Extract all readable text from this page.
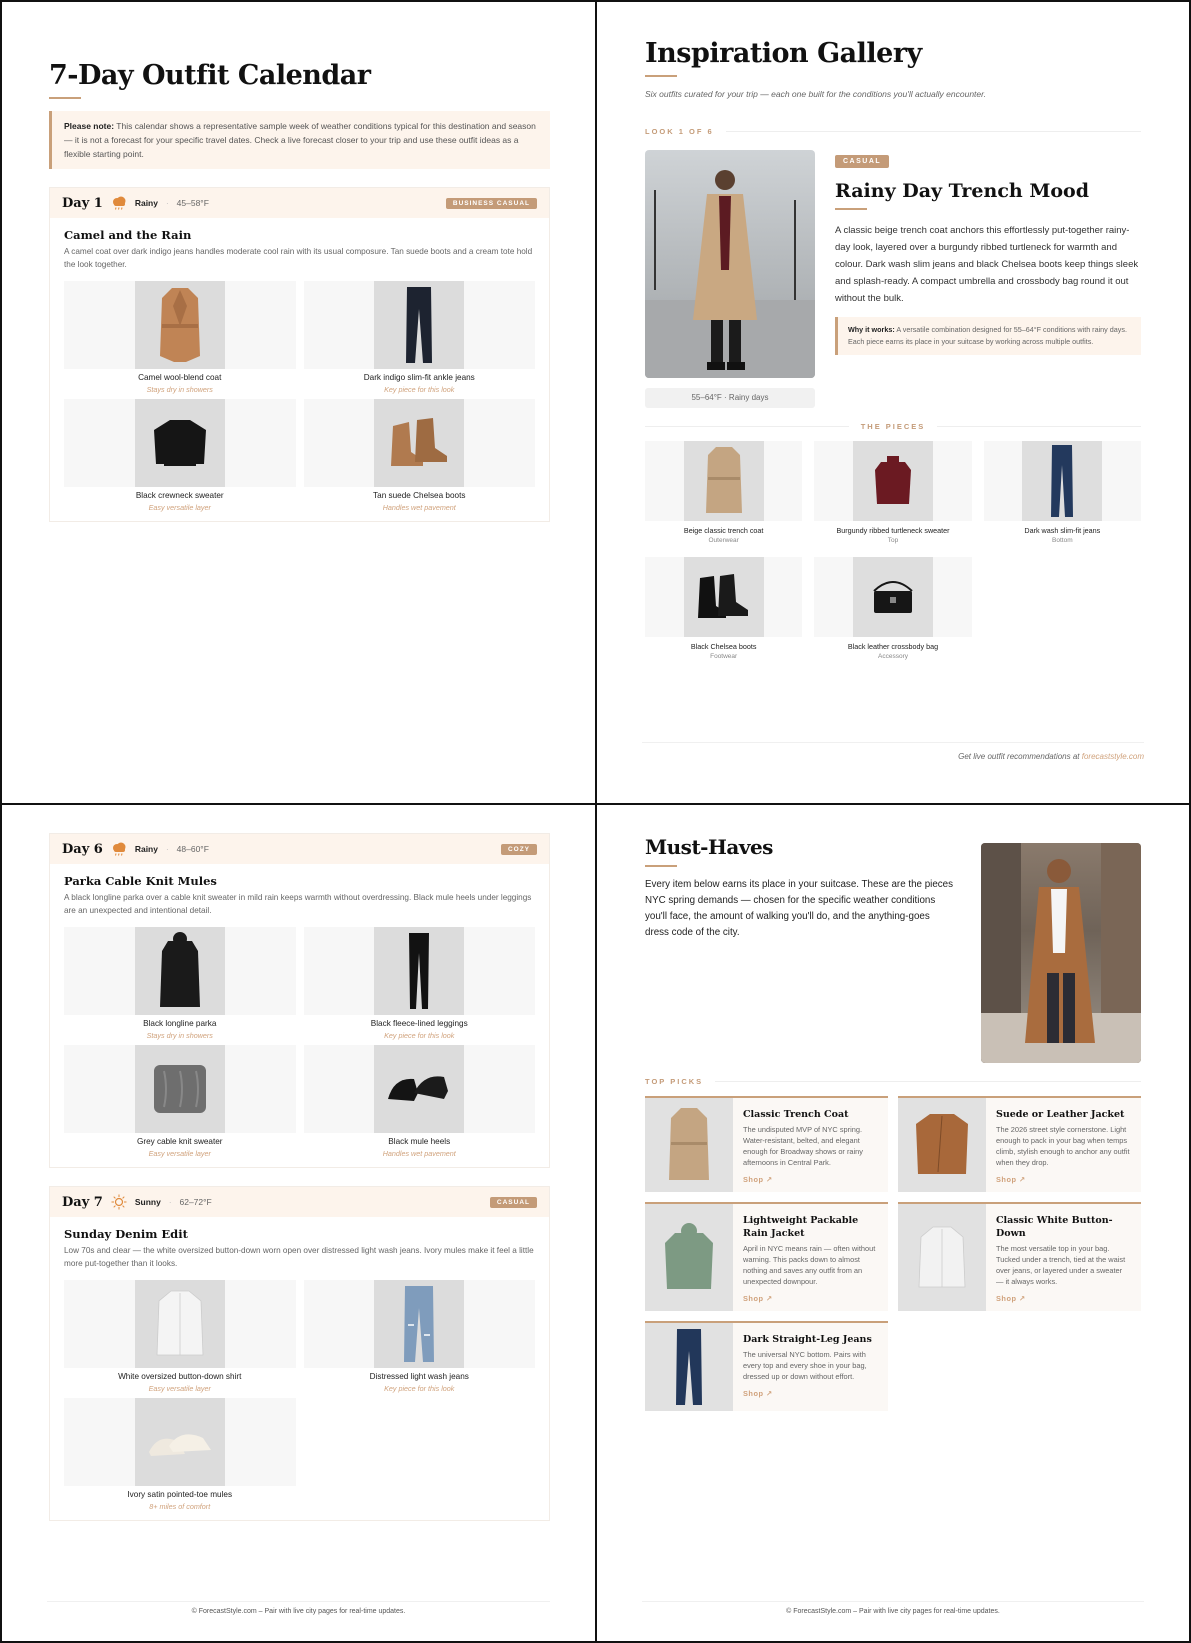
7-Day Outfit Calendar
Please note: This calendar shows a representative sample week of weather conditions typical for this destination and season — it is not a forecast for your specific travel dates. Check a live forecast closer to your trip and use these outfit ideas as a flexible starting point.
Day 1	Rainy · 45–58°F	BUSINESS CASUAL
Camel and the Rain
A camel coat over dark indigo jeans handles moderate cool rain with its usual composure. Tan suede boots and a cream tote hold the look together.
Camel wool-blend coat
Stays dry in showers
Dark indigo slim-fit ankle jeans
Key piece for this look
Black crewneck sweater
Easy versatile layer
Tan suede Chelsea boots
Handles wet pavement
Inspiration Gallery
Six outfits curated for your trip — each one built for the conditions you'll actually encounter.
LOOK 1 OF 6
55–64°F · Rainy days
CASUAL
Rainy Day Trench Mood
A classic beige trench coat anchors this effortlessly put-together rainy-day look, layered over a burgundy ribbed turtleneck for warmth and colour. Dark wash slim jeans and black Chelsea boots keep things sleek and splash-ready. A compact umbrella and crossbody bag round it out without the bulk.
Why it works: A versatile combination designed for 55–64°F conditions with rainy days. Each piece earns its place in your suitcase by working across multiple outfits.
THE PIECES
Beige classic trench coat
Outerwear
Burgundy ribbed turtleneck sweater
Top
Dark wash slim-fit jeans
Bottom
Black Chelsea boots
Footwear
Black leather crossbody bag
Accessory
Get live outfit recommendations at forecaststyle.com
Day 6	Rainy · 48–60°F	COZY
Parka Cable Knit Mules
A black longline parka over a cable knit sweater in mild rain keeps warmth without overdressing. Black mule heels under leggings are an unexpected and intentional detail.
Black longline parka
Stays dry in showers
Black fleece-lined leggings
Key piece for this look
Grey cable knit sweater
Easy versatile layer
Black mule heels
Handles wet pavement
Day 7	Sunny · 62–72°F	CASUAL
Sunday Denim Edit
Low 70s and clear — the white oversized button-down worn open over distressed light wash jeans. Ivory mules make it feel a little more put-together than it looks.
White oversized button-down shirt
Easy versatile layer
Distressed light wash jeans
Key piece for this look
Ivory satin pointed-toe mules
8+ miles of comfort
© ForecastStyle.com – Pair with live city pages for real-time updates.
Must-Haves
Every item below earns its place in your suitcase. These are the pieces NYC spring demands — chosen for the specific weather conditions you'll face, the amount of walking you'll do, and the anything-goes dress code of the city.
TOP PICKS
Classic Trench Coat
The undisputed MVP of NYC spring. Water-resistant, belted, and elegant enough for Broadway shows or rainy afternoons in Central Park.
Shop ↗
Suede or Leather Jacket
The 2026 street style cornerstone. Light enough to pack in your bag when temps climb, stylish enough to anchor any outfit when they drop.
Shop ↗
Lightweight Packable Rain Jacket
April in NYC means rain — often without warning. This packs down to almost nothing and saves any outfit from an unexpected downpour.
Shop ↗
Classic White Button-Down
The most versatile top in your bag. Tucked under a trench, tied at the waist over jeans, or layered under a sweater — it always works.
Shop ↗
Dark Straight-Leg Jeans
The universal NYC bottom. Pairs with every top and every shoe in your bag, dressed up or down without effort.
Shop ↗
© ForecastStyle.com – Pair with live city pages for real-time updates.
